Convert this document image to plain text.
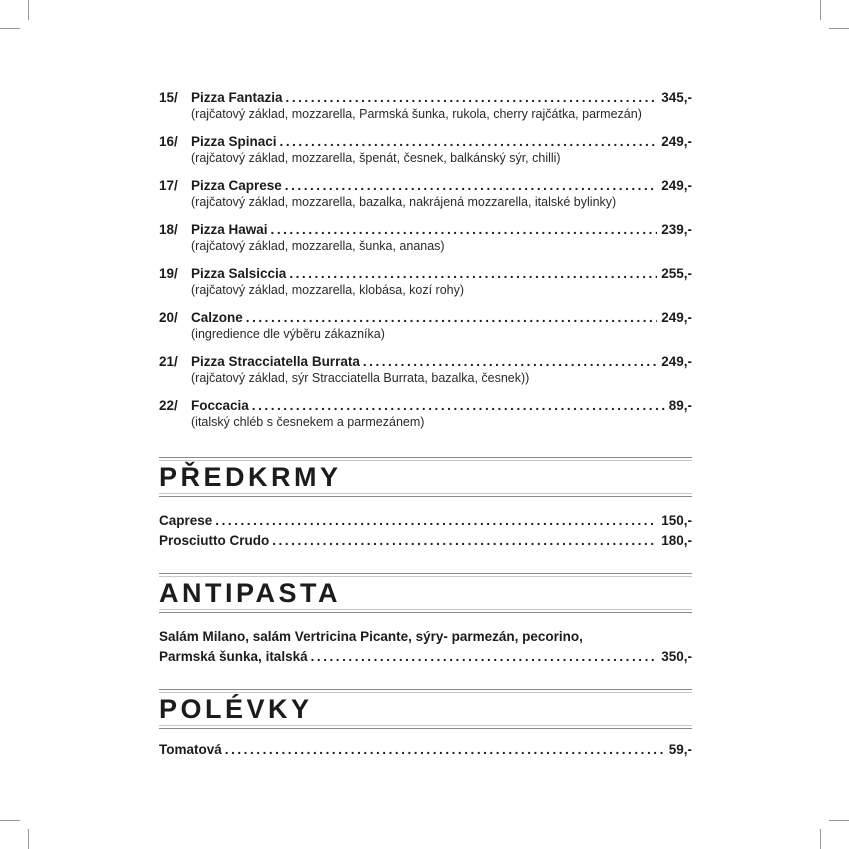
15/ Pizza Fantazia . . .	345,-
(rajčatový základ, mozzarella, Parmská šunka, rukola, cherry rajčátka, parmezán)
16/ Pizza Spinaci . . .	249,-
(rajčatový základ, mozzarella, špenát, česnek, balkánský sýr, chilli)
17/ Pizza Caprese . . .	249,-
(rajčatový základ, mozzarella, bazalka, nakrájená mozzarella, italské bylinky)
18/ Pizza Hawai . . .	239,-
(rajčatový základ, mozzarella, šunka, ananas)
19/ Pizza Salsiccia . . .	255,-
(rajčatový základ, mozzarella, klobása, kozí rohy)
20/ Calzone . . .	249,-
(ingredience dle výběru zákazníka)
21/ Pizza Stracciatella Burrata . . .	249,-
(rajčatový základ, sýr Stracciatella Burrata, bazalka, česnek))
22/ Foccacia . . .	89,-
(italský chléb s česnekem a parmezánem)
PŘEDKRMY
Caprese . . .	150,-
Prosciutto Crudo . . .	180,-
ANTIPASTA
Salám Milano, salám Vertricina Picante, sýry- parmezán, pecorino,
Parmská šunka, italská . . .	350,-
POLÉVKY
Tomatová . . .	59,-
